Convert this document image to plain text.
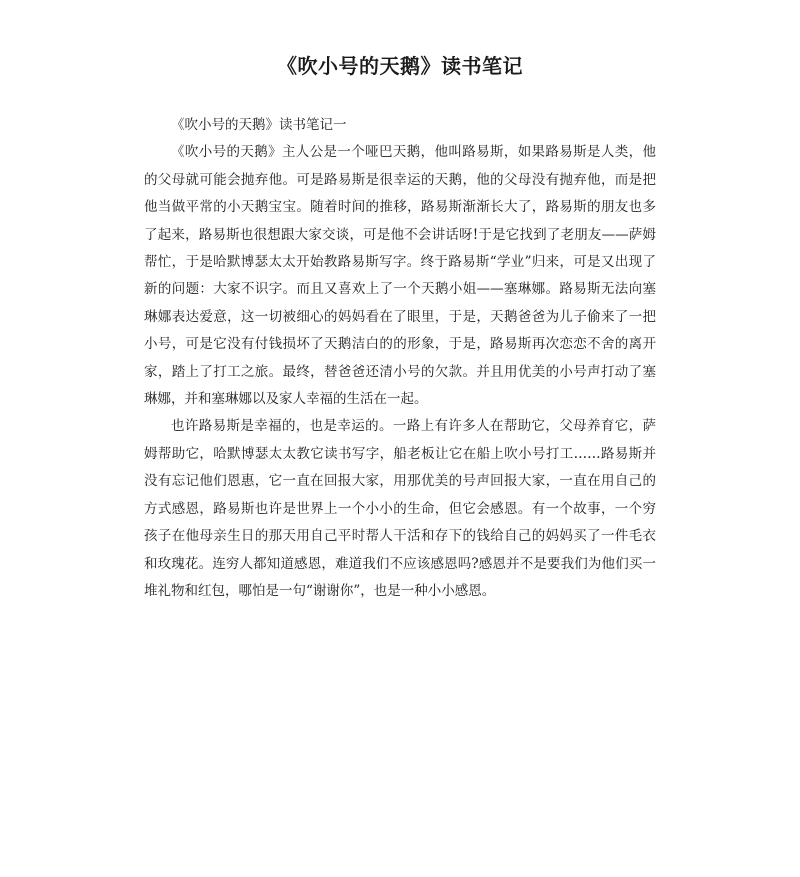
《吹小号的天鹅》读书笔记

《吹小号的天鹅》读书笔记一

《吹小号的天鹅》主人公是一个哑巴天鹅，他叫路易斯，如果路易斯是人类，他的父母就可能会抛弃他。可是路易斯是很幸运的天鹅，他的父母没有抛弃他，而是把他当做平常的小天鹅宝宝。随着时间的推移，路易斯渐渐长大了，路易斯的朋友也多了起来，路易斯也很想跟大家交谈，可是他不会讲话呀!于是它找到了老朋友——萨姆帮忙，于是哈默博瑟太太开始教路易斯写字。终于路易斯“学业”归来，可是又出现了新的问题：大家不识字。而且又喜欢上了一个天鹅小姐——塞琳娜。路易斯无法向塞琳娜表达爱意，这一切被细心的妈妈看在了眼里，于是，天鹅爸爸为儿子偷来了一把小号，可是它没有付钱损坏了天鹅洁白的的形象，于是，路易斯再次恋恋不舍的离开家，踏上了打工之旅。最终，替爸爸还清小号的欠款。并且用优美的小号声打动了塞琳娜，并和塞琳娜以及家人幸福的生活在一起。

也许路易斯是幸福的，也是幸运的。一路上有许多人在帮助它，父母养育它，萨姆帮助它，哈默博瑟太太教它读书写字，船老板让它在船上吹小号打工……路易斯并没有忘记他们恩惠，它一直在回报大家，用那优美的号声回报大家，一直在用自己的方式感恩，路易斯也许是世界上一个小小的生命，但它会感恩。有一个故事，一个穷孩子在他母亲生日的那天用自己平时帮人干活和存下的钱给自己的妈妈买了一件毛衣和玫瑰花。连穷人都知道感恩，难道我们不应该感恩吗?感恩并不是要我们为他们买一堆礼物和红包，哪怕是一句“谢谢你”，也是一种小小感恩。
